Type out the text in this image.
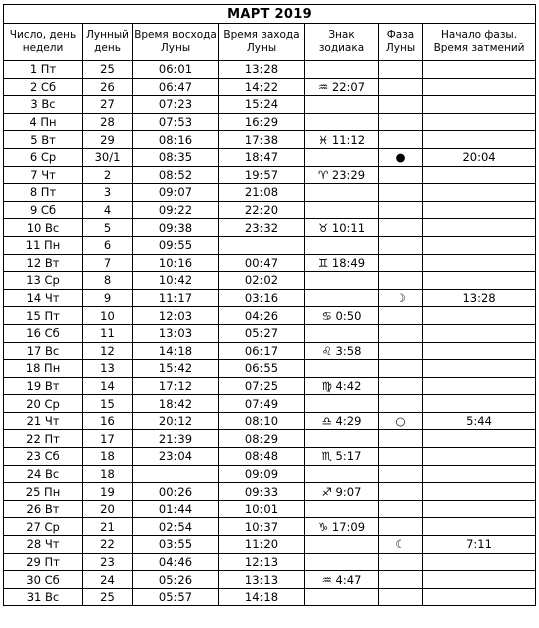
МАРТ 2019						
Число, день недели	Лунный день	Время восхода Луны	Время захода Луны	Знак зодиака	Фаза Луны	Начало фазы. Время затмений
1 Пт	25	06:01	13:28			
2 Сб	26	06:47	14:22	♒ 22:07		
3 Вс	27	07:23	15:24			
4 Пн	28	07:53	16:29			
5 Вт	29	08:16	17:38	♓ 11:12		
6 Ср	30/1	08:35	18:47		●	20:04
7 Чт	2	08:52	19:57	♈ 23:29		
8 Пт	3	09:07	21:08			
9 Сб	4	09:22	22:20			
10 Вс	5	09:38	23:32	♉ 10:11		
11 Пн	6	09:55				
12 Вт	7	10:16	00:47	♊ 18:49		
13 Ср	8	10:42	02:02			
14 Чт	9	11:17	03:16		☽	13:28
15 Пт	10	12:03	04:26	♋ 0:50		
16 Сб	11	13:03	05:27			
17 Вс	12	14:18	06:17	♌ 3:58		
18 Пн	13	15:42	06:55			
19 Вт	14	17:12	07:25	♍ 4:42		
20 Ср	15	18:42	07:49			
21 Чт	16	20:12	08:10	♎ 4:29	○	5:44
22 Пт	17	21:39	08:29			
23 Сб	18	23:04	08:48	♏ 5:17		
24 Вс	18		09:09			
25 Пн	19	00:26	09:33	♐ 9:07		
26 Вт	20	01:44	10:01			
27 Ср	21	02:54	10:37	♑ 17:09		
28 Чт	22	03:55	11:20		☾	7:11
29 Пт	23	04:46	12:13			
30 Сб	24	05:26	13:13	♒ 4:47		
31 Вс	25	05:57	14:18			
